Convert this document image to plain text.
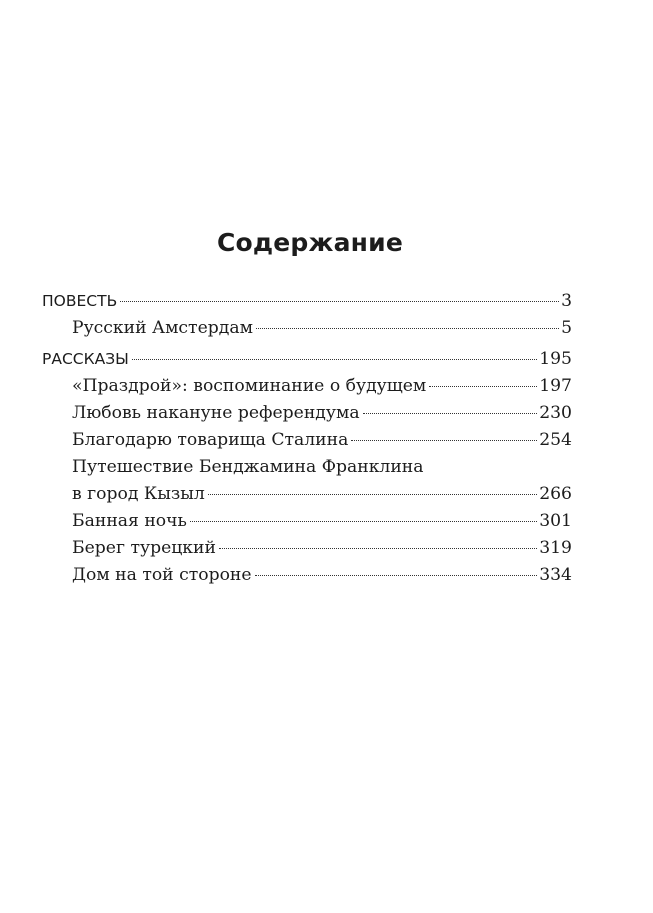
Содержание
ПОВЕСТЬ	3
Русский Амстердам	5
РАССКАЗЫ	195
«Праздрой»: воспоминание о будущем	197
Любовь накануне референдума	230
Благодарю товарища Сталина	254
Путешествие Бенджамина Франклина
в город Кызыл	266
Банная ночь	301
Берег турецкий	319
Дом на той стороне	334
